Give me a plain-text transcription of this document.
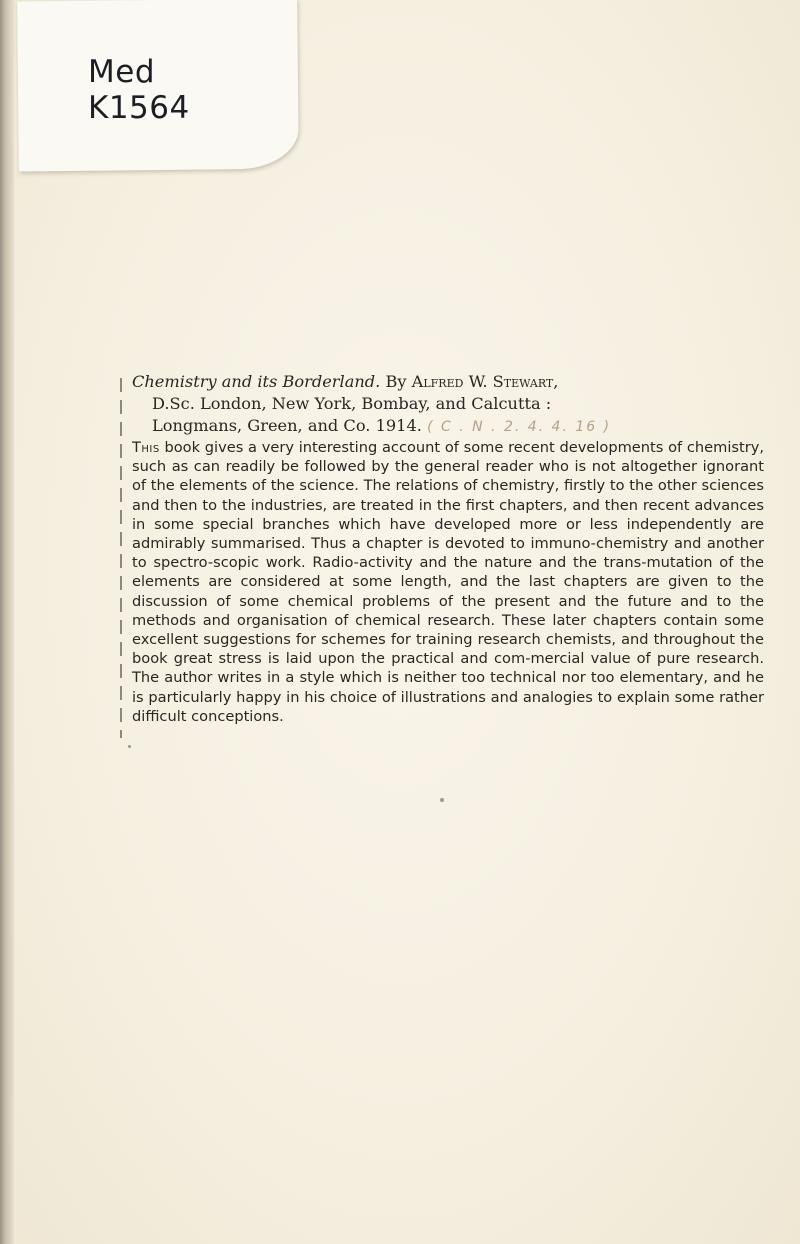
Med
K1564

Chemistry and its Borderland. By Alfred W. Stewart,
D.Sc. London, New York, Bombay, and Calcutta :
Longmans, Green, and Co. 1914. ( C . N . 2. 4. 4. 16 )

This book gives a very interesting account of some recent developments of chemistry, such as can readily be followed by the general reader who is not altogether ignorant of the elements of the science. The relations of chemistry, firstly to the other sciences and then to the industries, are treated in the first chapters, and then recent advances in some special branches which have developed more or less independently are admirably summarised. Thus a chapter is devoted to immuno-chemistry and another to spectro-scopic work. Radio-activity and the nature and the trans-mutation of the elements are considered at some length, and the last chapters are given to the discussion of some chemical problems of the present and the future and to the methods and organisation of chemical research. These later chapters contain some excellent suggestions for schemes for training research chemists, and throughout the book great stress is laid upon the practical and com-mercial value of pure research. The author writes in a style which is neither too technical nor too elementary, and he is particularly happy in his choice of illustrations and analogies to explain some rather difficult conceptions.
